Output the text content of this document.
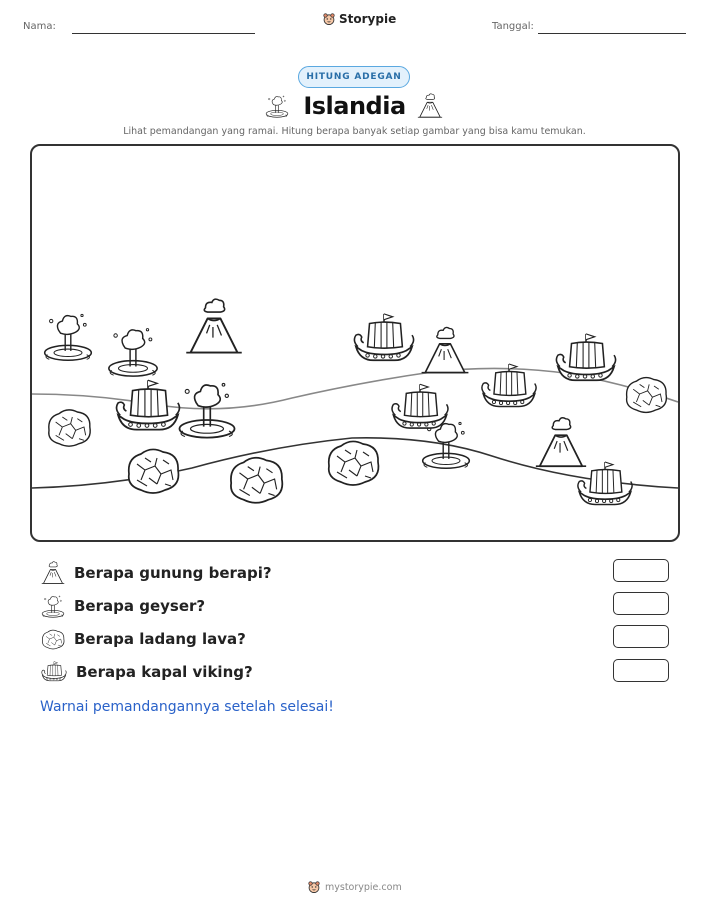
Nama:
Storypie
Tanggal:
HITUNG ADEGAN
Islandia
Lihat pemandangan yang ramai. Hitung berapa banyak setiap gambar yang bisa kamu temukan.
Berapa gunung berapi?
Berapa geyser?
Berapa ladang lava?
Berapa kapal viking?
Warnai pemandangannya setelah selesai!
mystorypie.com
